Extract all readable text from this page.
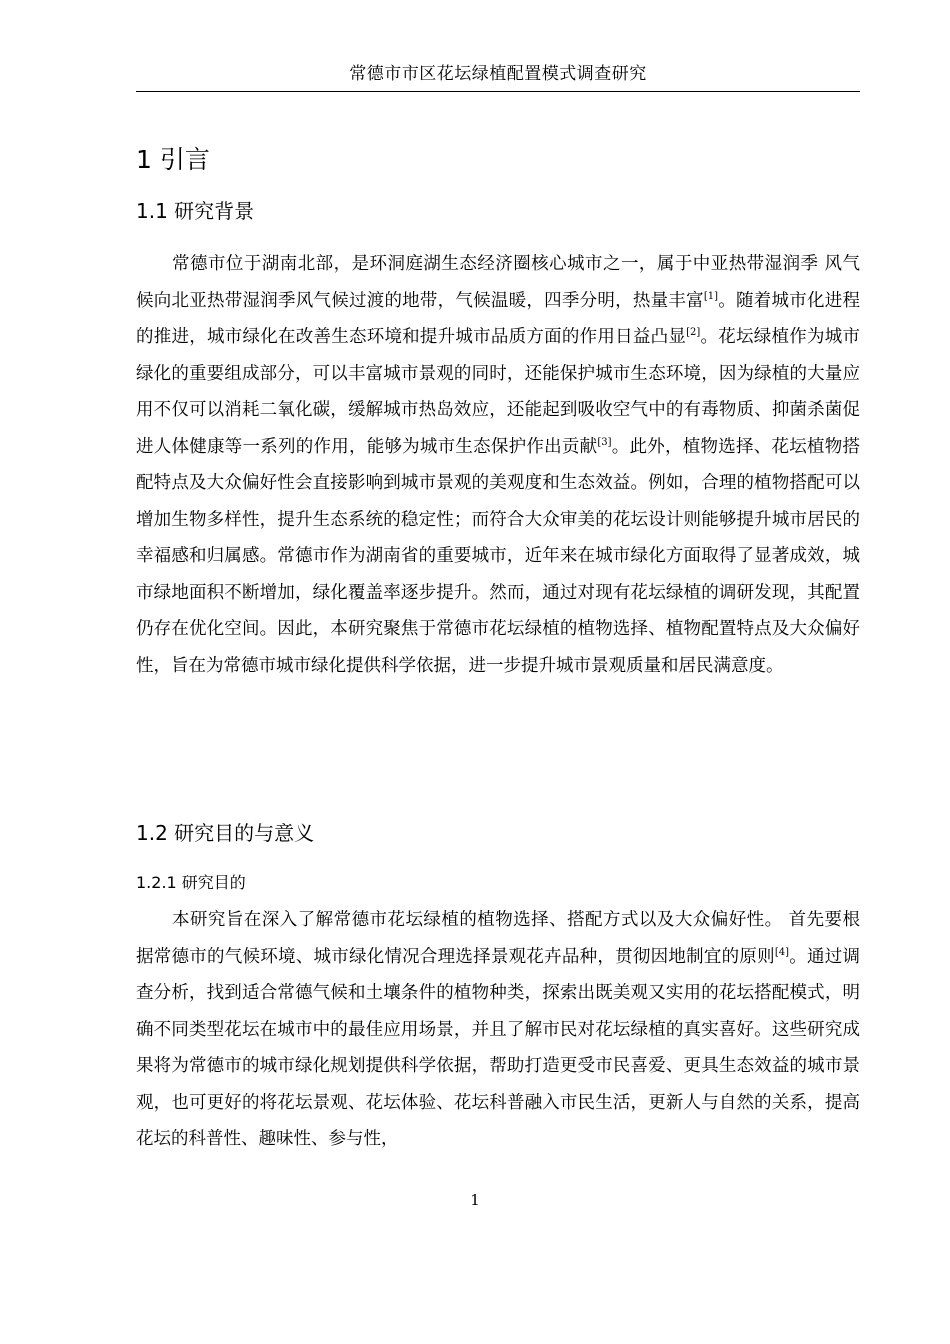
常德市市区花坛绿植配置模式调查研究
1 引言
1.1 研究背景

常德市位于湖南北部，是环洞庭湖生态经济圈核心城市之一，属于中亚热带湿润季 风气候向北亚热带湿润季风气候过渡的地带，气候温暖，四季分明，热量丰富[1]。随着城市化进程的推进，城市绿化在改善生态环境和提升城市品质方面的作用日益凸显[2]。花坛绿植作为城市绿化的重要组成部分，可以丰富城市景观的同时，还能保护城市生态环境，因为绿植的大量应用不仅可以消耗二氧化碳，缓解城市热岛效应，还能起到吸收空气中的有毒物质、抑菌杀菌促进人体健康等一系列的作用，能够为城市生态保护作出贡献[3]。此外，植物选择、花坛植物搭配特点及大众偏好性会直接影响到城市景观的美观度和生态效益。例如，合理的植物搭配可以增加生物多样性，提升生态系统的稳定性；而符合大众审美的花坛设计则能够提升城市居民的幸福感和归属感。常德市作为湖南省的重要城市，近年来在城市绿化方面取得了显著成效，城市绿地面积不断增加，绿化覆盖率逐步提升。然而，通过对现有花坛绿植的调研发现，其配置仍存在优化空间。因此，本研究聚焦于常德市花坛绿植的植物选择、植物配置特点及大众偏好性，旨在为常德市城市绿化提供科学依据，进一步提升城市景观质量和居民满意度。

1.2 研究目的与意义
1.2.1 研究目的

本研究旨在深入了解常德市花坛绿植的植物选择、搭配方式以及大众偏好性。 首先要根据常德市的气候环境、城市绿化情况合理选择景观花卉品种，贯彻因地制宜的原则[4]。通过调查分析，找到适合常德气候和土壤条件的植物种类，探索出既美观又实用的花坛搭配模式，明确不同类型花坛在城市中的最佳应用场景，并且了解市民对花坛绿植的真实喜好。这些研究成果将为常德市的城市绿化规划提供科学依据，帮助打造更受市民喜爱、更具生态效益的城市景观，也可更好的将花坛景观、花坛体验、花坛科普融入市民生活，更新人与自然的关系，提高花坛的科普性、趣味性、参与性，

1
